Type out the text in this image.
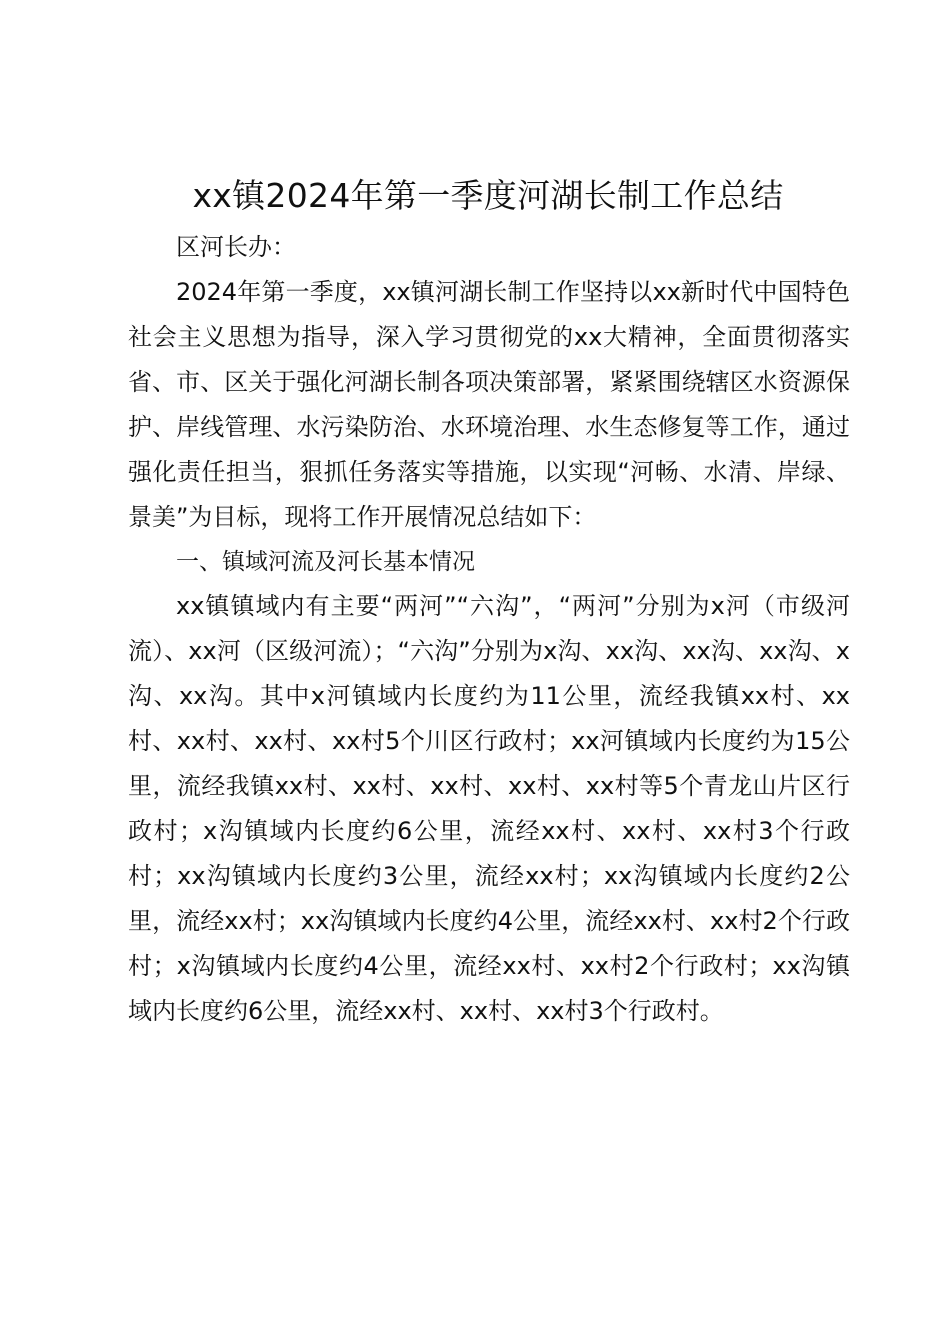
xx镇2024年第一季度河湖长制工作总结

区河长办：

2024年第一季度，xx镇河湖长制工作坚持以xx新时代中国特色社会主义思想为指导，深入学习贯彻党的xx大精神，全面贯彻落实省、市、区关于强化河湖长制各项决策部署，紧紧围绕辖区水资源保护、岸线管理、水污染防治、水环境治理、水生态修复等工作，通过强化责任担当，狠抓任务落实等措施，以实现“河畅、水清、岸绿、景美”为目标，现将工作开展情况总结如下：

一、镇域河流及河长基本情况

xx镇镇域内有主要“两河”“六沟”，“两河”分别为x河（市级河流）、xx河（区级河流）；“六沟”分别为x沟、xx沟、xx沟、xx沟、x沟、xx沟。其中x河镇域内长度约为11公里，流经我镇xx村、xx村、xx村、xx村、xx村5个川区行政村；xx河镇域内长度约为15公里，流经我镇xx村、xx村、xx村、xx村、xx村等5个青龙山片区行政村；x沟镇域内长度约6公里，流经xx村、xx村、xx村3个行政村；xx沟镇域内长度约3公里，流经xx村；xx沟镇域内长度约2公里，流经xx村；xx沟镇域内长度约4公里，流经xx村、xx村2个行政村；x沟镇域内长度约4公里，流经xx村、xx村2个行政村；xx沟镇域内长度约6公里，流经xx村、xx村、xx村3个行政村。
